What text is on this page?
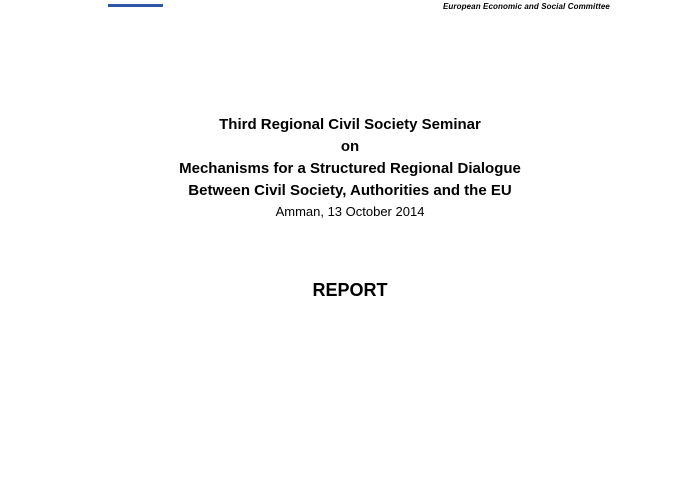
European Economic and Social Committee
Third Regional Civil Society Seminar
on
Mechanisms for a Structured Regional Dialogue
Between Civil Society, Authorities and the EU
Amman, 13 October 2014
REPORT
